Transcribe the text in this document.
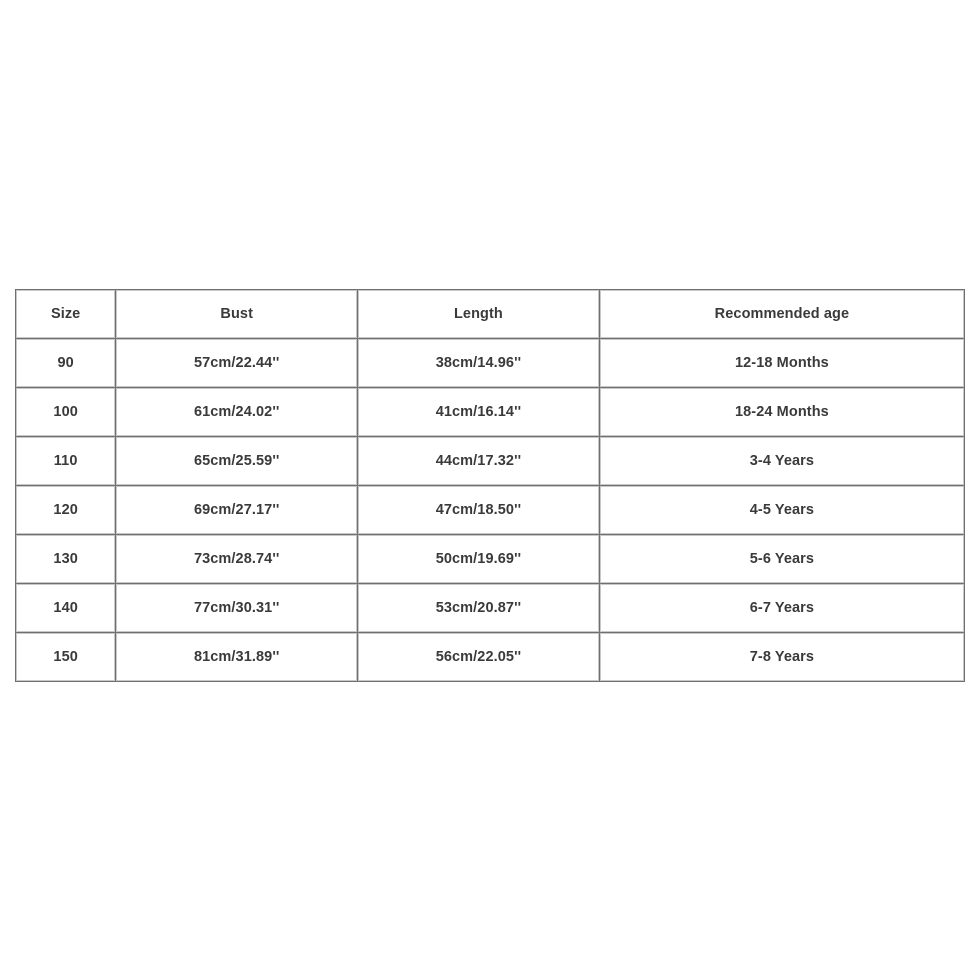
Size	Bust	Length	Recommended age
90	57cm/22.44''	38cm/14.96''	12-18 Months
100	61cm/24.02''	41cm/16.14''	18-24 Months
110	65cm/25.59''	44cm/17.32''	3-4 Years
120	69cm/27.17''	47cm/18.50''	4-5 Years
130	73cm/28.74''	50cm/19.69''	5-6 Years
140	77cm/30.31''	53cm/20.87''	6-7 Years
150	81cm/31.89''	56cm/22.05''	7-8 Years
